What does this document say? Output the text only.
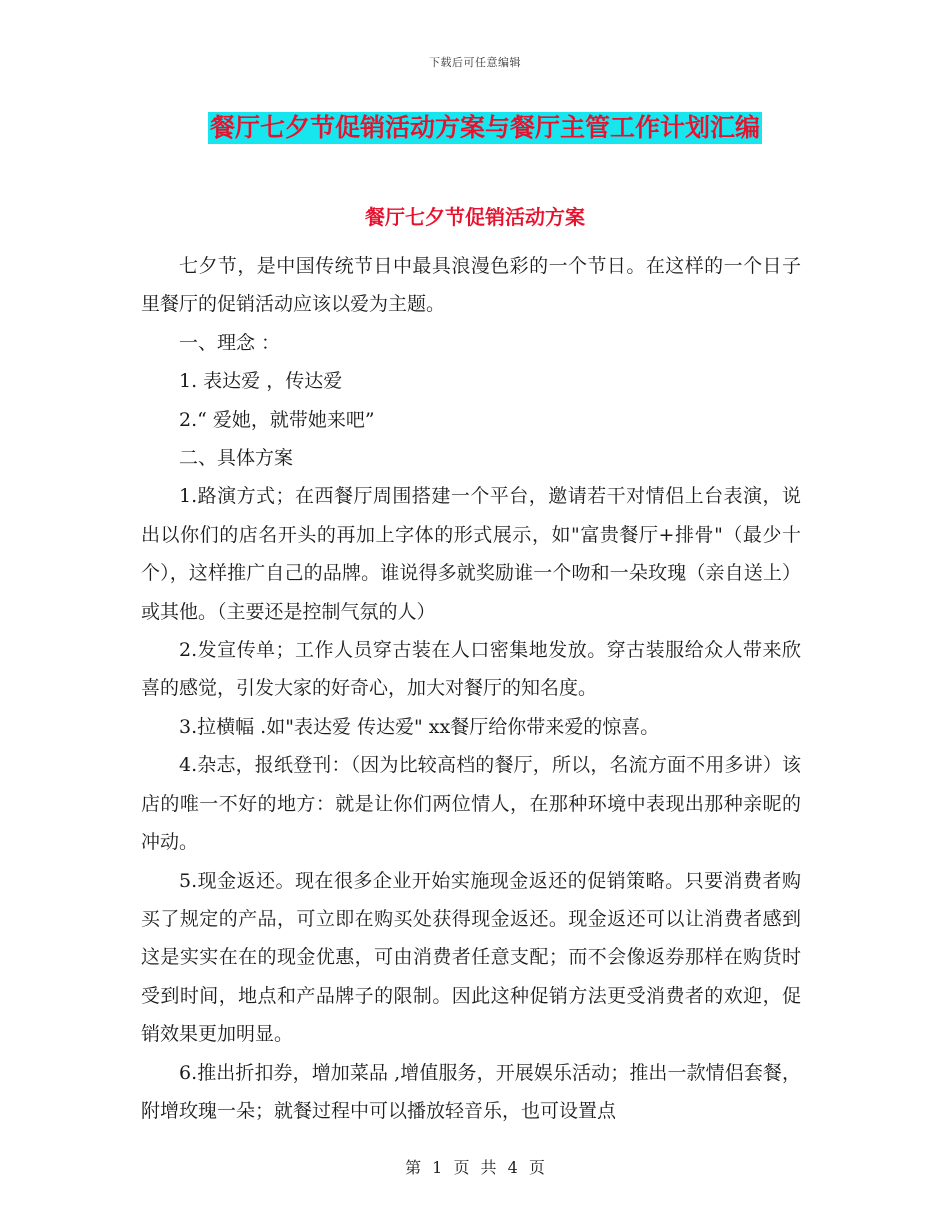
下载后可任意编辑
餐厅七夕节促销活动方案与餐厅主管工作计划汇编
餐厅七夕节促销活动方案

七夕节，是中国传统节日中最具浪漫色彩的一个节日。在这样的一个日子里餐厅的促销活动应该以爱为主题。

一、理念 ：

1. 表达爱 ，传达爱

2.“ 爱她，就带她来吧”

二、具体方案

1.路演方式；在西餐厅周围搭建一个平台，邀请若干对情侣上台表演，说出以你们的店名开头的再加上字体的形式展示，如"富贵餐厅+排骨"（最少十个），这样推广自己的品牌。谁说得多就奖励谁一个吻和一朵玫瑰（亲自送上）或其他。（主要还是控制气氛的人）

2.发宣传单；工作人员穿古装在人口密集地发放。穿古装服给众人带来欣喜的感觉，引发大家的好奇心，加大对餐厅的知名度。

3.拉横幅 .如"表达爱 传达爱" xx餐厅给你带来爱的惊喜。

4.杂志，报纸登刊：（因为比较高档的餐厅，所以，名流方面不用多讲）该店的唯一不好的地方：就是让你们两位情人，在那种环境中表现出那种亲昵的冲动。

5.现金返还。现在很多企业开始实施现金返还的促销策略。只要消费者购买了规定的产品，可立即在购买处获得现金返还。现金返还可以让消费者感到这是实实在在的现金优惠，可由消费者任意支配；而不会像返券那样在购货时受到时间，地点和产品牌子的限制。因此这种促销方法更受消费者的欢迎，促销效果更加明显。

6.推出折扣券，增加菜品 ,增值服务，开展娱乐活动；推出一款情侣套餐，附增玫瑰一朵；就餐过程中可以播放轻音乐，也可设置点

第 1 页 共 4 页
